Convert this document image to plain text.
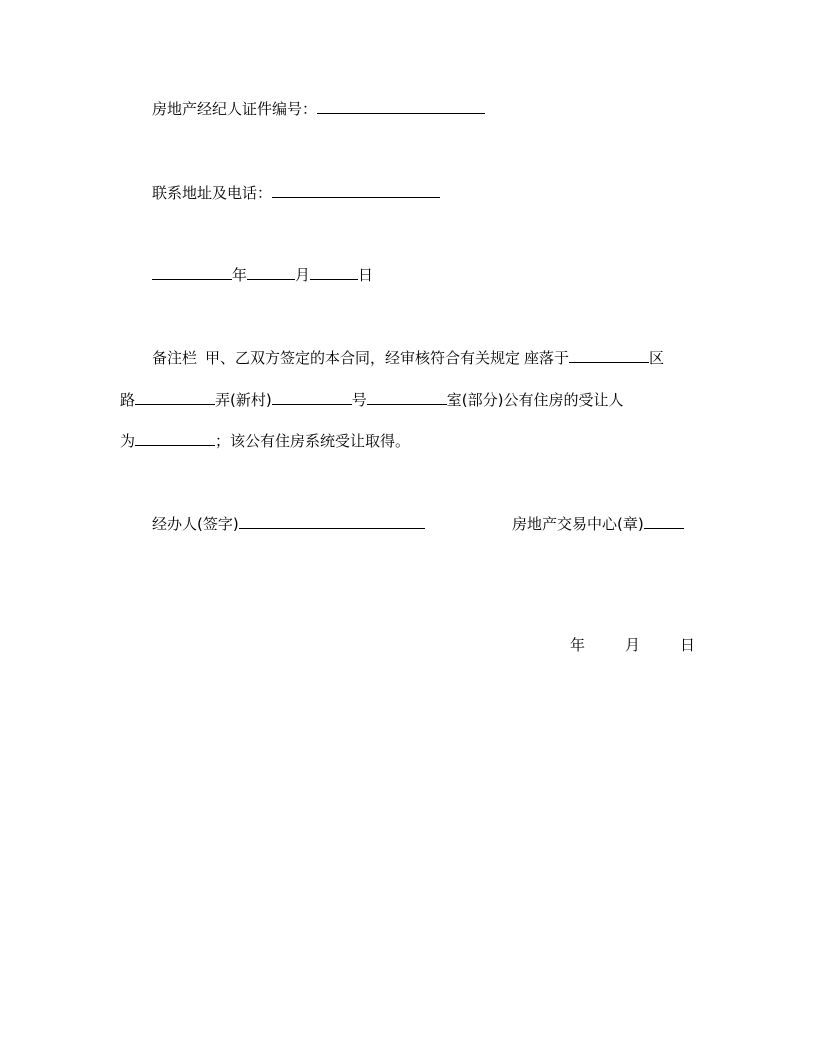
房地产经纪人证件编号：
联系地址及电话：
年	月	日
备注栏 甲、乙双方签定的本合同，经审核符合有关规定 座落于	区
路	弄(新村)	号	室(部分)公有住房的受让人
为	；该公有住房系统受让取得。
经办人(签字)	房地产交易中心(章)
年	月	日
